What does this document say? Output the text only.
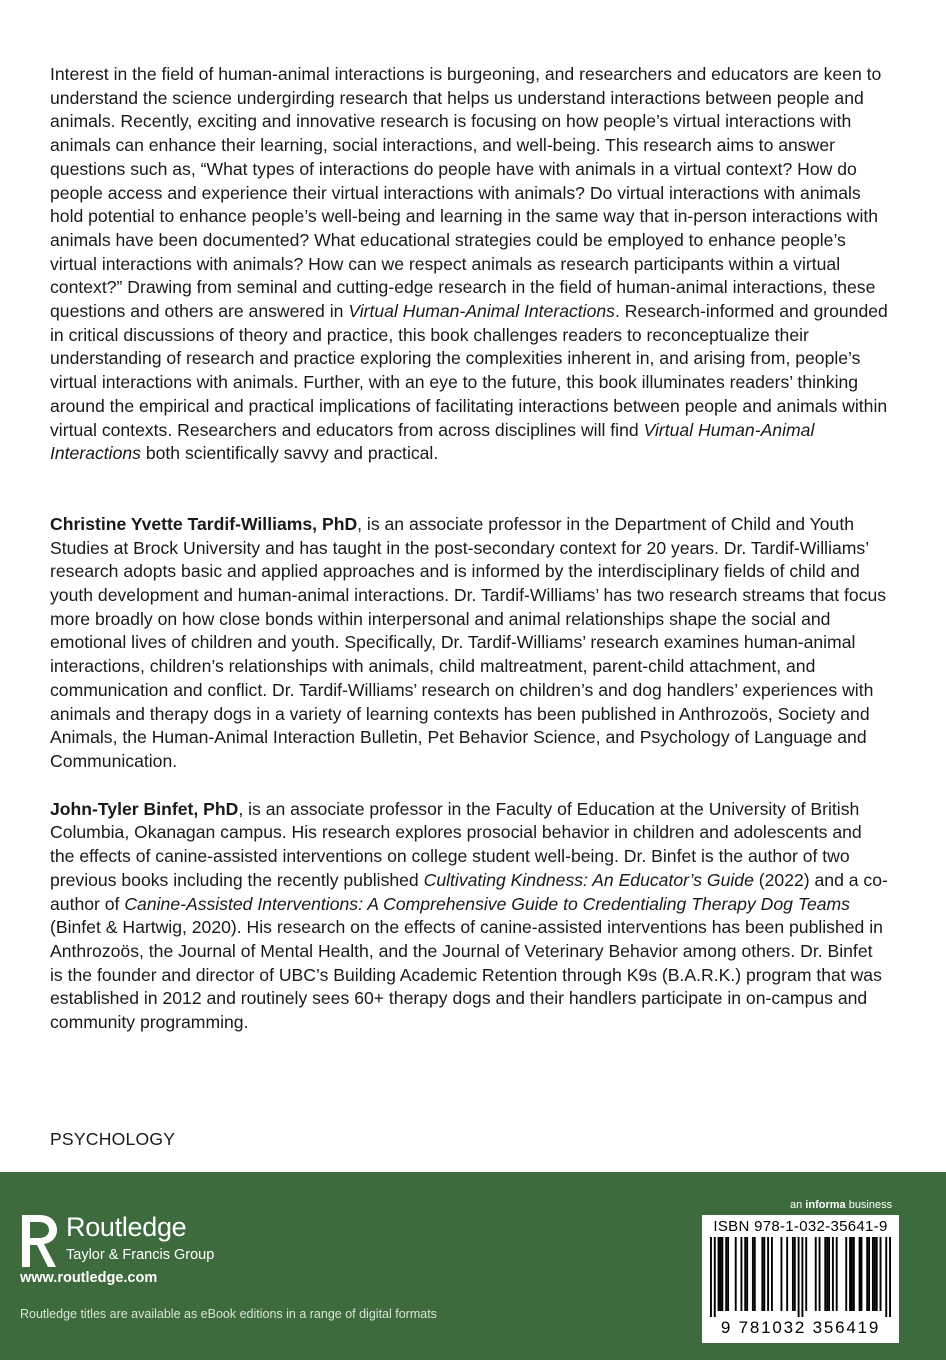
Interest in the field of human-animal interactions is burgeoning, and researchers and educators are keen to understand the science undergirding research that helps us understand interactions between people and animals. Recently, exciting and innovative research is focusing on how people’s virtual interactions with animals can enhance their learning, social interactions, and well-being. This research aims to answer questions such as, “What types of interactions do people have with animals in a virtual context? How do people access and experience their virtual interactions with animals? Do virtual interactions with animals hold potential to enhance people’s well-being and learning in the same way that in-person interactions with animals have been documented? What educational strategies could be employed to enhance people’s virtual interactions with animals? How can we respect animals as research participants within a virtual context?” Drawing from seminal and cutting-edge research in the field of human-animal interactions, these questions and others are answered in Virtual Human-Animal Interactions. Research-informed and grounded in critical discussions of theory and practice, this book challenges readers to reconceptualize their understanding of research and practice exploring the complexities inherent in, and arising from, people’s virtual interactions with animals. Further, with an eye to the future, this book illuminates readers’ thinking around the empirical and practical implications of facilitating interactions between people and animals within virtual contexts. Researchers and educators from across disciplines will find Virtual Human-Animal Interactions both scientifically savvy and practical.

Christine Yvette Tardif-Williams, PhD, is an associate professor in the Department of Child and Youth Studies at Brock University and has taught in the post-secondary context for 20 years. Dr. Tardif-Williams’ research adopts basic and applied approaches and is informed by the interdisciplinary fields of child and youth development and human-animal interactions. Dr. Tardif-Williams’ has two research streams that focus more broadly on how close bonds within interpersonal and animal relationships shape the social and emotional lives of children and youth. Specifically, Dr. Tardif-Williams’ research examines human-animal interactions, children’s relationships with animals, child maltreatment, parent-child attachment, and communication and conflict. Dr. Tardif-Williams’ research on children’s and dog handlers’ experiences with animals and therapy dogs in a variety of learning contexts has been published in Anthrozoös, Society and Animals, the Human-Animal Interaction Bulletin, Pet Behavior Science, and Psychology of Language and Communication.

John-Tyler Binfet, PhD, is an associate professor in the Faculty of Education at the University of British Columbia, Okanagan campus. His research explores prosocial behavior in children and adolescents and the effects of canine-assisted interventions on college student well-being. Dr. Binfet is the author of two previous books including the recently published Cultivating Kindness: An Educator’s Guide (2022) and a co-author of Canine-Assisted Interventions: A Comprehensive Guide to Credentialing Therapy Dog Teams (Binfet & Hartwig, 2020). His research on the effects of canine-assisted interventions has been published in Anthrozoös, the Journal of Mental Health, and the Journal of Veterinary Behavior among others. Dr. Binfet is the founder and director of UBC’s Building Academic Retention through K9s (B.A.R.K.) program that was established in 2012 and routinely sees 60+ therapy dogs and their handlers participate in on-campus and community programming.

PSYCHOLOGY
Routledge
Taylor & Francis Group
www.routledge.com
Routledge titles are available as eBook editions in a range of digital formats
an informa business
ISBN 978-1-032-35641-9
9 781032 356419
